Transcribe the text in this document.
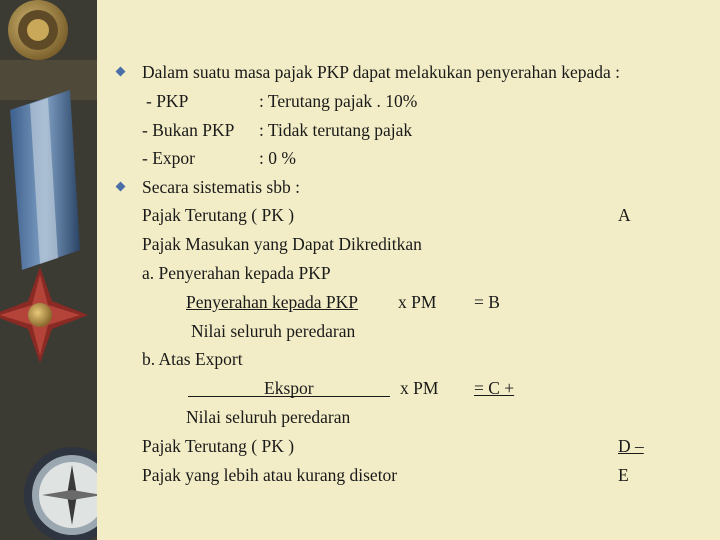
Dalam suatu masa pajak PKP dapat melakukan penyerahan kepada :
- PKP	: Terutang pajak . 10%
- Bukan PKP : Tidak terutang pajak
- Expor	: 0 %
Secara sistematis sbb :
Pajak Terutang ( PK )	A
Pajak Masukan yang Dapat Dikreditkan
a. Penyerahan kepada PKP
Penyerahan kepada PKP x PM = B
Nilai seluruh peredaran
b. Atas Export
Ekspor	x PM = C +
Nilai seluruh peredaran
Pajak Terutang ( PK )	D –
Pajak yang lebih atau kurang disetor	E
